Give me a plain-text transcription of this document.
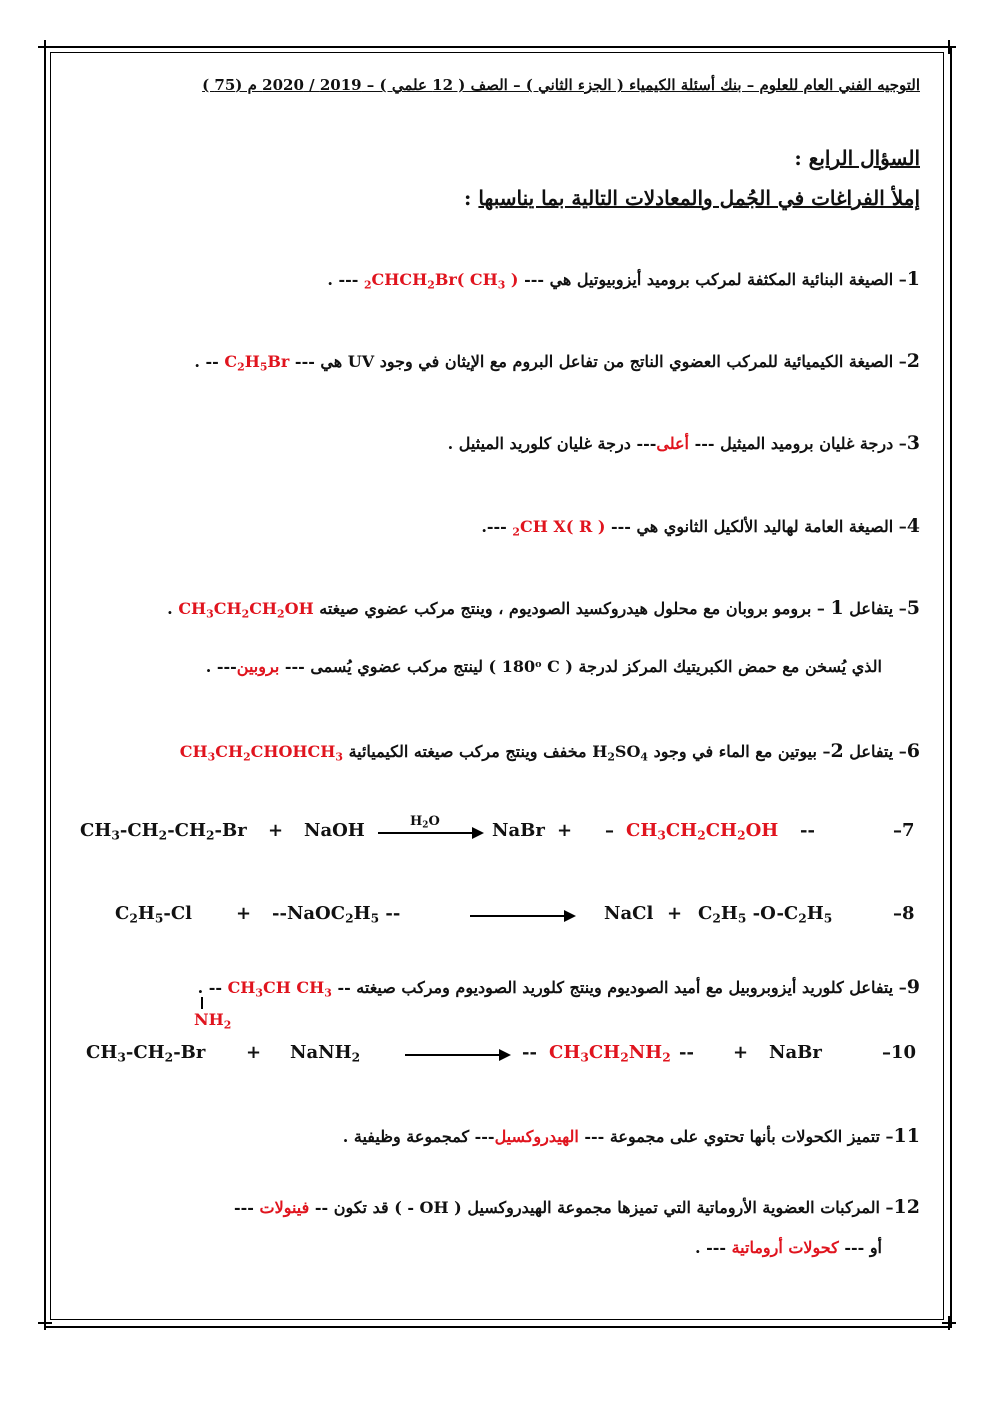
التوجيه الفني العام للعلوم – بنك أسئلة الكيمياء ( الجزء الثاني ) – الصف ( 12 علمي ) – 2019 / 2020 م (75 )
السؤال الرابع :
إملأ الفراغات في الجُمل والمعادلات التالية بما يناسبها :
1– الصيغة البنائية المكثفة لمركب بروميد أيزوبيوتيل هي --- ( $CH_3$ )$_2CHCH_2Br$ --- .
2– الصيغة الكيميائية للمركب العضوي الناتج من تفاعل البروم مع الإيثان في وجود UV هي --- $C_2H_5Br$ -- .
3– درجة غليان بروميد الميثيل --- أعلى--- درجة غليان كلوريد الميثيل .
4– الصيغة العامة لهاليد الألكيل الثانوي هي --- ( R )$_2CH$ X ---.
5– يتفاعل 1 – برومو بروبان مع محلول هيدروكسيد الصوديوم ، وينتج مركب عضوي صيغته $CH_3CH_2CH_2OH$ .
الذي يُسخن مع حمض الكبريتيك المركز لدرجة ( 180$^o$ C ) لينتج مركب عضوي يُسمى --- بروبين--- .
6– يتفاعل 2– بيوتين مع الماء في وجود $H_2SO_4$ مخفف وينتج مركب صيغته الكيميائية $CH_3CH_2CHOHCH_3$
$CH_3-CH_2-CH_2-Br$ + NaOH	$H_2O$	NaBr + – $CH_3CH_2CH_2OH$ --	–7
$C_2H_5-Cl$ + $--NaOC_2H_5$ --	NaCl + $C_2H_5$ $-O-C_2H_5$	–8
9– يتفاعل كلوريد أيزوبروبيل مع أميد الصوديوم وينتج كلوريد الصوديوم ومركب صيغته -- $CH_3CH$ $CH_3$ -- .
$NH_2$
$CH_3-CH_2-Br$ + NaNH$_2$	-- $CH_3CH_2NH_2$ -- + NaBr	–10
11– تتميز الكحولات بأنها تحتوي على مجموعة --- الهيدروكسيل--- كمجموعة وظيفية .
12– المركبات العضوية الأروماتية التي تميزها مجموعة الهيدروكسيل ( OH - ) قد تكون -- فينولات ---
أو --- كحولات أروماتية --- .
